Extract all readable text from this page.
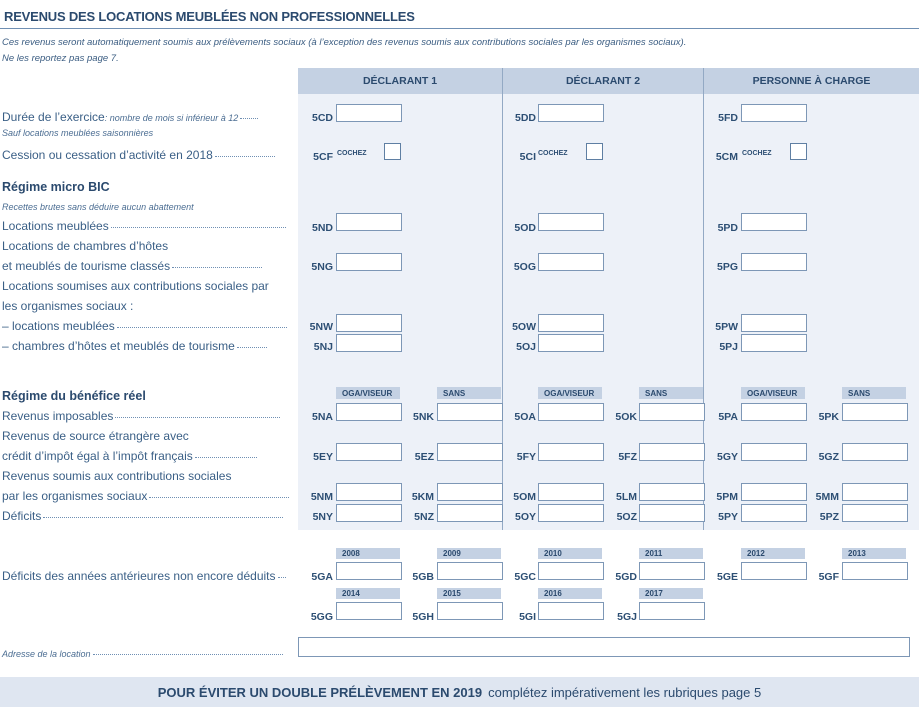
REVENUS DES LOCATIONS MEUBLÉES NON PROFESSIONNELLES
Ces revenus seront automatiquement soumis aux prélèvements sociaux (à l’exception des revenus soumis aux contributions sociales par les organismes sociaux).
Ne les reportez pas page 7.
DÉCLARANT 1	DÉCLARANT 2	PERSONNE À CHARGE
Durée de l’exercice: nombre de mois si inférieur à 12
Sauf locations meublées saisonnières
5CD	5DD	5FD
Cession ou cessation d’activité en 2018	5CF COCHEZ	5CI COCHEZ	5CM COCHEZ
Régime micro BIC
Recettes brutes sans déduire aucun abattement
Locations meublées	5ND	5OD	5PD
Locations de chambres d’hôtes
et meublés de tourisme classés	5NG	5OG	5PG
Locations soumises aux contributions sociales par
les organismes sociaux :
– locations meublées	5NW	5OW	5PW
– chambres d’hôtes et meublés de tourisme	5NJ	5OJ	5PJ
Régime du bénéfice réel	OGA/VISEUR	SANS	OGA/VISEUR	SANS	OGA/VISEUR	SANS
Revenus imposables	5NA	5NK	5OA	5OK	5PA	5PK
Revenus de source étrangère avec
crédit d’impôt égal à l’impôt français	5EY	5EZ	5FY	5FZ	5GY	5GZ
Revenus soumis aux contributions sociales
par les organismes sociaux	5NM	5KM	5OM	5LM	5PM	5MM
Déficits	5NY	5NZ	5OY	5OZ	5PY	5PZ
2008	2009	2010	2011	2012	2013
Déficits des années antérieures non encore déduits	5GA	5GB	5GC	5GD	5GE	5GF
2014	2015	2016	2017
5GG	5GH	5GI	5GJ
Adresse de la location
POUR ÉVITER UN DOUBLE PRÉLÈVEMENT EN 2019 complétez impérativement les rubriques page 5
